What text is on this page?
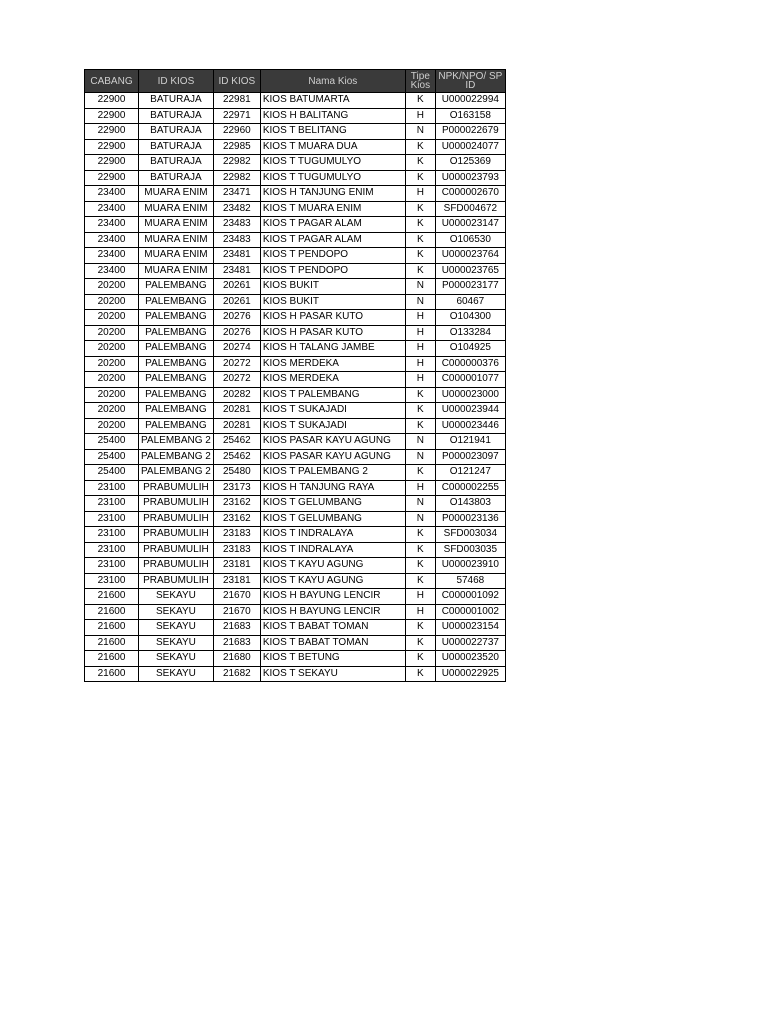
CABANG	ID KIOS	ID KIOS	Nama Kios	Tipe Kios	NPK/NPO/ SP ID
22900	BATURAJA	22981	KIOS BATUMARTA	K	U000022994
22900	BATURAJA	22971	KIOS H BALITANG	H	O163158
22900	BATURAJA	22960	KIOS T BELITANG	N	P000022679
22900	BATURAJA	22985	KIOS T MUARA DUA	K	U000024077
22900	BATURAJA	22982	KIOS T TUGUMULYO	K	O125369
22900	BATURAJA	22982	KIOS T TUGUMULYO	K	U000023793
23400	MUARA ENIM	23471	KIOS H TANJUNG ENIM	H	C000002670
23400	MUARA ENIM	23482	KIOS T MUARA ENIM	K	SFD004672
23400	MUARA ENIM	23483	KIOS T PAGAR ALAM	K	U000023147
23400	MUARA ENIM	23483	KIOS T PAGAR ALAM	K	O106530
23400	MUARA ENIM	23481	KIOS T PENDOPO	K	U000023764
23400	MUARA ENIM	23481	KIOS T PENDOPO	K	U000023765
20200	PALEMBANG	20261	KIOS BUKIT	N	P000023177
20200	PALEMBANG	20261	KIOS BUKIT	N	60467
20200	PALEMBANG	20276	KIOS H PASAR KUTO	H	O104300
20200	PALEMBANG	20276	KIOS H PASAR KUTO	H	O133284
20200	PALEMBANG	20274	KIOS H TALANG JAMBE	H	O104925
20200	PALEMBANG	20272	KIOS MERDEKA	H	C000000376
20200	PALEMBANG	20272	KIOS MERDEKA	H	C000001077
20200	PALEMBANG	20282	KIOS T PALEMBANG	K	U000023000
20200	PALEMBANG	20281	KIOS T SUKAJADI	K	U000023944
20200	PALEMBANG	20281	KIOS T SUKAJADI	K	U000023446
25400	PALEMBANG 2	25462	KIOS PASAR KAYU AGUNG	N	O121941
25400	PALEMBANG 2	25462	KIOS PASAR KAYU AGUNG	N	P000023097
25400	PALEMBANG 2	25480	KIOS T PALEMBANG 2	K	O121247
23100	PRABUMULIH	23173	KIOS H TANJUNG RAYA	H	C000002255
23100	PRABUMULIH	23162	KIOS T GELUMBANG	N	O143803
23100	PRABUMULIH	23162	KIOS T GELUMBANG	N	P000023136
23100	PRABUMULIH	23183	KIOS T INDRALAYA	K	SFD003034
23100	PRABUMULIH	23183	KIOS T INDRALAYA	K	SFD003035
23100	PRABUMULIH	23181	KIOS T KAYU AGUNG	K	U000023910
23100	PRABUMULIH	23181	KIOS T KAYU AGUNG	K	57468
21600	SEKAYU	21670	KIOS H BAYUNG LENCIR	H	C000001092
21600	SEKAYU	21670	KIOS H BAYUNG LENCIR	H	C000001002
21600	SEKAYU	21683	KIOS T BABAT TOMAN	K	U000023154
21600	SEKAYU	21683	KIOS T BABAT TOMAN	K	U000022737
21600	SEKAYU	21680	KIOS T BETUNG	K	U000023520
21600	SEKAYU	21682	KIOS T SEKAYU	K	U000022925
